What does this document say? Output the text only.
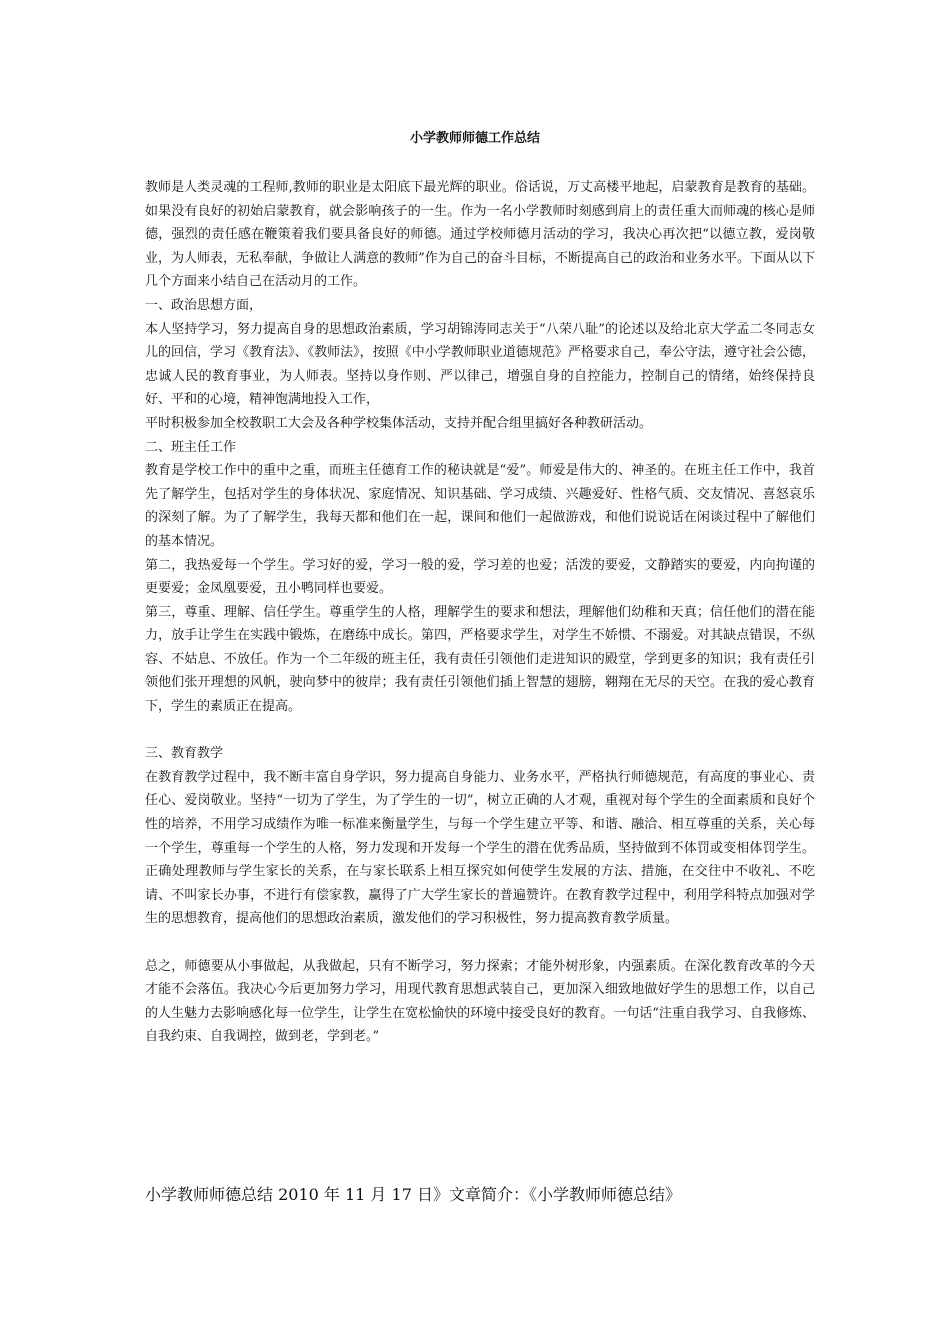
小学教师师德工作总结

教师是人类灵魂的工程师,教师的职业是太阳底下最光辉的职业。俗话说，万丈高楼平地起，启蒙教育是教育的基础。如果没有良好的初始启蒙教育，就会影响孩子的一生。作为一名小学教师时刻感到肩上的责任重大而师魂的核心是师德，强烈的责任感在鞭策着我们要具备良好的师德。通过学校师德月活动的学习，我决心再次把“以德立教，爱岗敬业，为人师表，无私奉献，争做让人满意的教师”作为自己的奋斗目标，不断提高自己的政治和业务水平。下面从以下几个方面来小结自己在活动月的工作。

一、政治思想方面，

本人坚持学习，努力提高自身的思想政治素质，学习胡锦涛同志关于“八荣八耻”的论述以及给北京大学孟二冬同志女儿的回信，学习《教育法》、《教师法》，按照《中小学教师职业道德规范》严格要求自己，奉公守法，遵守社会公德，忠诚人民的教育事业，为人师表。坚持以身作则、严以律己，增强自身的自控能力，控制自己的情绪，始终保持良好、平和的心境，精神饱满地投入工作，

平时积极参加全校教职工大会及各种学校集体活动，支持并配合组里搞好各种教研活动。

二、班主任工作

教育是学校工作中的重中之重，而班主任德育工作的秘诀就是“爱”。师爱是伟大的、神圣的。在班主任工作中，我首先了解学生，包括对学生的身体状况、家庭情况、知识基础、学习成绩、兴趣爱好、性格气质、交友情况、喜怒哀乐的深刻了解。为了了解学生，我每天都和他们在一起，课间和他们一起做游戏，和他们说说话在闲谈过程中了解他们的基本情况。

第二，我热爱每一个学生。学习好的爱，学习一般的爱，学习差的也爱；活泼的要爱，文静踏实的要爱，内向拘谨的更要爱；金凤凰要爱，丑小鸭同样也要爱。

第三，尊重、理解、信任学生。尊重学生的人格，理解学生的要求和想法，理解他们幼稚和天真；信任他们的潜在能力，放手让学生在实践中锻炼，在磨练中成长。第四，严格要求学生，对学生不娇惯、不溺爱。对其缺点错误，不纵容、不姑息、不放任。作为一个二年级的班主任，我有责任引领他们走进知识的殿堂，学到更多的知识；我有责任引领他们张开理想的风帆，驶向梦中的彼岸；我有责任引领他们插上智慧的翅膀，翱翔在无尽的天空。在我的爱心教育下，学生的素质正在提高。

三、教育教学

在教育教学过程中，我不断丰富自身学识，努力提高自身能力、业务水平，严格执行师德规范，有高度的事业心、责任心、爱岗敬业。坚持“一切为了学生，为了学生的一切”，树立正确的人才观，重视对每个学生的全面素质和良好个性的培养，不用学习成绩作为唯一标准来衡量学生，与每一个学生建立平等、和谐、融洽、相互尊重的关系，关心每一个学生，尊重每一个学生的人格，努力发现和开发每一个学生的潜在优秀品质，坚持做到不体罚或变相体罚学生。正确处理教师与学生家长的关系，在与家长联系上相互探究如何使学生发展的方法、措施，在交往中不收礼、不吃请、不叫家长办事，不进行有偿家教，赢得了广大学生家长的普遍赞许。在教育教学过程中，利用学科特点加强对学生的思想教育，提高他们的思想政治素质，激发他们的学习积极性，努力提高教育教学质量。

总之，师德要从小事做起，从我做起，只有不断学习，努力探索；才能外树形象，内强素质。在深化教育改革的今天才能不会落伍。我决心今后更加努力学习，用现代教育思想武装自己，更加深入细致地做好学生的思想工作，以自己的人生魅力去影响感化每一位学生，让学生在宽松愉快的环境中接受良好的教育。一句话“注重自我学习、自我修炼、自我约束、自我调控，做到老，学到老。”

小学教师师德总结 2010 年 11 月 17 日》文章简介：《小学教师师德总结》
